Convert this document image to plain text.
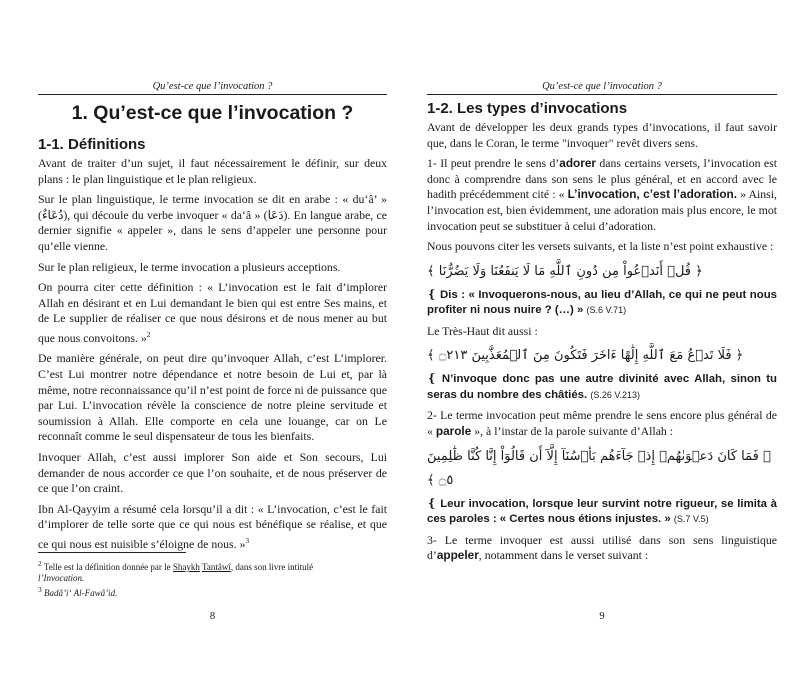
Qu’est-ce que l’invocation ?
1. Qu’est-ce que l’invocation ?
1-1. Définitions

Avant de traiter d’un sujet, il faut nécessairement le définir, sur deux plans : le plan linguistique et le plan religieux.

Sur le plan linguistique, le terme invocation se dit en arabe : « du‘â’ » (دُعَاءٌ), qui découle du verbe invoquer « da‘â » (دَعَا). En langue arabe, ce dernier signifie « appeler », dans le sens d’appeler une personne pour qu’elle vienne.

Sur le plan religieux, le terme invocation a plusieurs acceptions.

On pourra citer cette définition : « L’invocation est le fait d’implorer Allah en désirant et en Lui demandant le bien qui est entre Ses mains, et de Le supplier de réaliser ce que nous désirons et de nous mener au but que nous convoitons. »$^2$

De manière générale, on peut dire qu’invoquer Allah, c’est L’implorer. C’est Lui montrer notre dépendance et notre besoin de Lui et, par là même, notre reconnaissance qu’il n’est point de force ni de puissance que par Lui. L’invocation révèle la conscience de notre pleine servitude et soumission à Allah. Elle comporte en cela une louange, car on Le reconnaît comme le seul dispensateur de tous les bienfaits.

Invoquer Allah, c’est aussi implorer Son aide et Son secours, Lui demander de nous accorder ce que l’on souhaite, et de nous préserver de ce que l’on craint.

Ibn Al-Qayyim a résumé cela lorsqu’il a dit : « L’invocation, c’est le fait d’implorer de telle sorte que ce qui nous est bénéfique se réalise, et que ce qui nous est nuisible s’éloigne de nous. »$^3$

$^2$ Telle est la définition donnée par le Shaykh Tantâwî, dans son livre intitulé
l’Invocation.
$^3$ Badâ’i‘ Al-Fawâ’id.
8
Qu’est-ce que l’invocation ?
1-2. Les types d’invocations

Avant de développer les deux grands types d’invocations, il faut savoir que, dans le Coran, le terme "invoquer" revêt divers sens.

1- Il peut prendre le sens d’adorer dans certains versets, l’invocation est donc à comprendre dans son sens le plus général, et en accord avec le hadith précédemment cité : « L’invocation, c’est l’adoration. » Ainsi, l’invocation est, bien évidemment, une adoration mais plus encore, le mot invocation peut se substituer à celui d’adoration.

Nous pouvons citer les versets suivants, et la liste n’est point exhaustive :

﴿ قُلۡ أَنَدۡعُواْ مِن دُونِ ٱللَّهِ مَا لَا يَنفَعُنَا وَلَا يَضُرُّنَا ﴾

❴ Dis : « Invoquerons-nous, au lieu d’Allah, ce qui ne peut nous profiter ni nous nuire ? (…) » (S.6 V.71)

Le Très-Haut dit aussi :

﴿ فَلَا تَدۡعُ مَعَ ٱللَّهِ إِلَٰهًا ءَاخَرَ فَتَكُونَ مِنَ ٱلۡمُعَذَّبِينَ ۝٢١٣ ﴾

❴ N’invoque donc pas une autre divinité avec Allah, sinon tu seras du nombre des châtiés. (S.26 V.213)

2- Le terme invocation peut même prendre le sens encore plus général de « parole », à l’instar de la parole suivante d’Allah :

﴿ فَمَا كَانَ دَعۡوَىٰهُمۡ إِذۡ جَآءَهُم بَأۡسُنَآ إِلَّآ أَن قَالُوٓاْ إِنَّا كُنَّا ظَٰلِمِينَ ۝٥ ﴾

❴ Leur invocation, lorsque leur survint notre rigueur, se limita à ces paroles : « Certes nous étions injustes. » (S.7 V.5)

3- Le terme invoquer est aussi utilisé dans son sens linguistique d’appeler, notamment dans le verset suivant :

9
